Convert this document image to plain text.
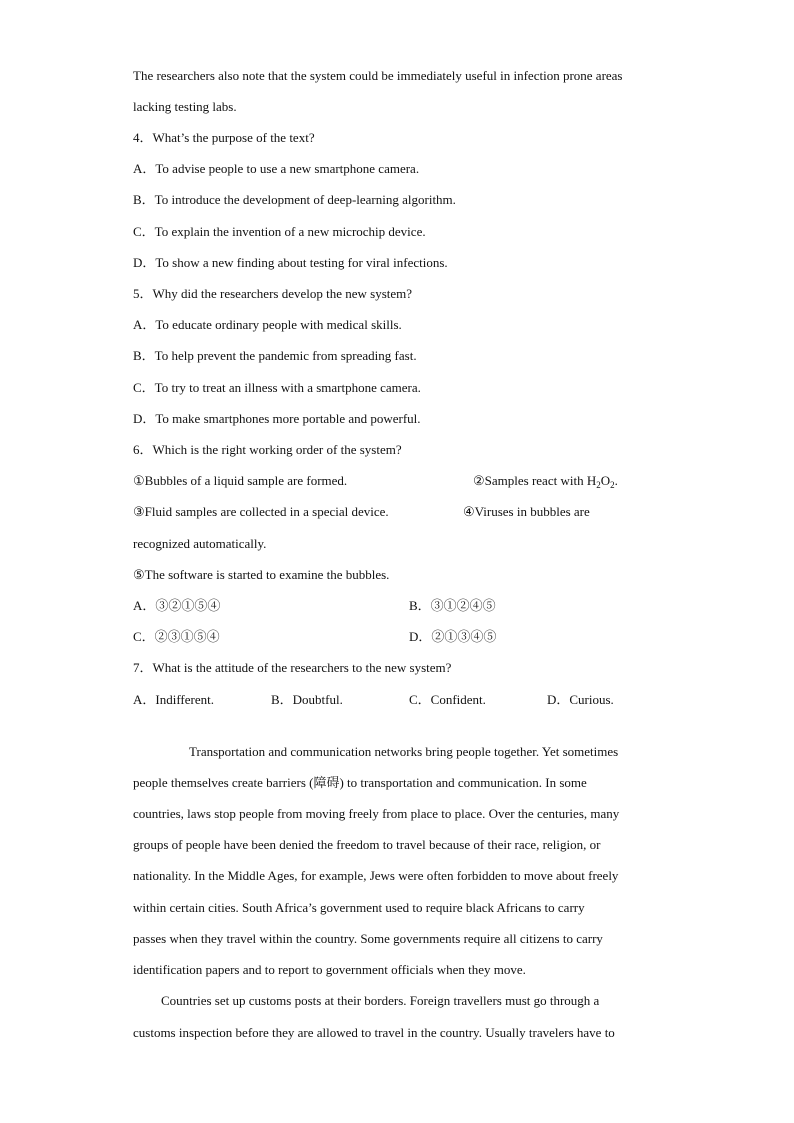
The researchers also note that the system could be immediately useful in infection prone areas
lacking testing labs.
4．What’s the purpose of the text?
A．To advise people to use a new smartphone camera.
B．To introduce the development of deep-learning algorithm.
C．To explain the invention of a new microchip device.
D．To show a new finding about testing for viral infections.
5．Why did the researchers develop the new system?
A．To educate ordinary people with medical skills.
B．To help prevent the pandemic from spreading fast.
C．To try to treat an illness with a smartphone camera.
D．To make smartphones more portable and powerful.
6．Which is the right working order of the system?
①Bubbles of a liquid sample are formed.	②Samples react with $H_2O_2$.
③Fluid samples are collected in a special device.	④Viruses in bubbles are
recognized automatically.
⑤The software is started to examine the bubbles.
A．③②①⑤④	B．③①②④⑤
C．②③①⑤④	D．②①③④⑤
7．What is the attitude of the researchers to the new system?
A．Indifferent.	B．Doubtful.	C．Confident.	D．Curious.
Transportation and communication networks bring people together. Yet sometimes
people themselves create barriers (障碍) to transportation and communication. In some
countries, laws stop people from moving freely from place to place. Over the centuries, many
groups of people have been denied the freedom to travel because of their race, religion, or
nationality. In the Middle Ages, for example, Jews were often forbidden to move about freely
within certain cities. South Africa’s government used to require black Africans to carry
passes when they travel within the country. Some governments require all citizens to carry
identification papers and to report to government officials when they move.
Countries set up customs posts at their borders. Foreign travellers must go through a
customs inspection before they are allowed to travel in the country. Usually travelers have to
